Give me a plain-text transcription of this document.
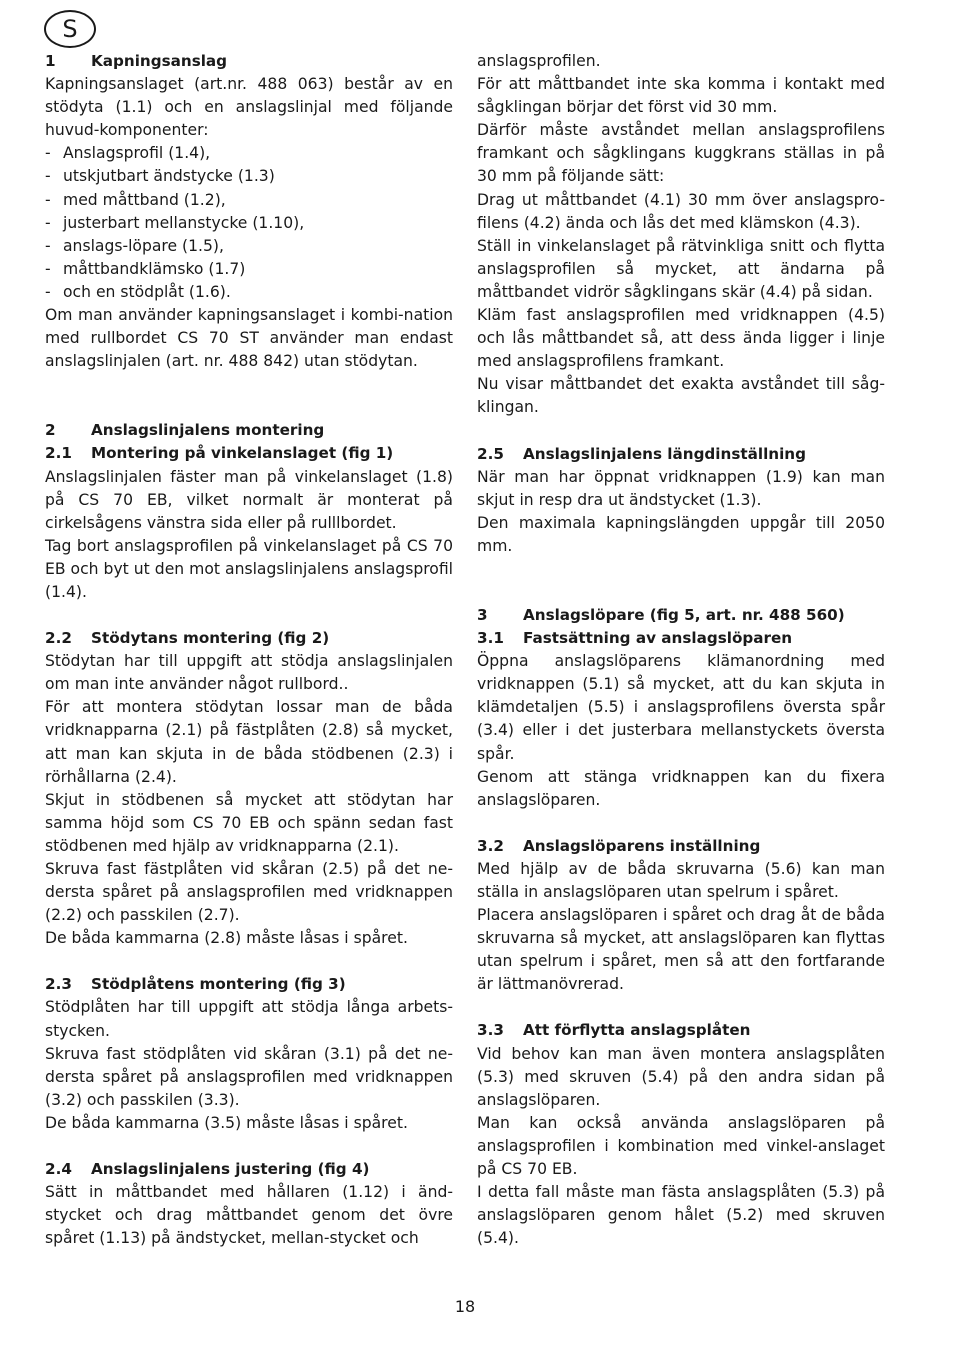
S
1	Kapningsanslag

Kapningsanslaget (art.nr. 488 063) består av en stödyta (1.1) och en anslagslinjal med följande huvud-komponenter:

- Anslagsprofil (1.4),
- utskjutbart ändstycke (1.3)
- med måttband (1.2),
- justerbart mellanstycke (1.10),
- anslags-löpare (1.5),
- måttbandklämsko (1.7)
- och en stödplåt (1.6).

Om man använder kapningsanslaget i kombi-nation med rullbordet CS 70 ST använder man endast anslagslinjalen (art. nr. 488 842) utan stödytan.

2	Anslagslinjalens montering
2.1	Montering på vinkelanslaget (fig 1)

Anslagslinjalen fäster man på vinkelanslaget (1.8) på CS 70 EB, vilket normalt är monterat på cirkelsågens vänstra sida eller på rulllbordet.

Tag bort anslagsprofilen på vinkelanslaget på CS 70 EB och byt ut den mot anslagslinjalens anslagsprofil (1.4).

2.2	Stödytans montering (fig 2)

Stödytan har till uppgift att stödja anslagslinjalen om man inte använder något rullbord..

För att montera stödytan lossar man de båda vridknapparna (2.1) på fästplåten (2.8) så mycket, att man kan skjuta in de båda stödbenen (2.3) i rörhållarna (2.4).

Skjut in stödbenen så mycket att stödytan har samma höjd som CS 70 EB och spänn sedan fast stödbenen med hjälp av vridknapparna (2.1).

Skruva fast fästplåten vid skåran (2.5) på det ne-dersta spåret på anslagsprofilen med vridknappen (2.2) och passkilen (2.7).

De båda kammarna (2.8) måste låsas i spåret.

2.3	Stödplåtens montering (fig 3)

Stödplåten har till uppgift att stödja långa arbets-stycken.

Skruva fast stödplåten vid skåran (3.1) på det ne-dersta spåret på anslagsprofilen med vridknappen (3.2) och passkilen (3.3).

De båda kammarna (3.5) måste låsas i spåret.

2.4	Anslagslinjalens justering (fig 4)

Sätt in måttbandet med hållaren (1.12) i änd-stycket och drag måttbandet genom det övre spåret (1.13) på ändstycket, mellan-stycket och

anslagsprofilen.

För att måttbandet inte ska komma i kontakt med sågklingan börjar det först vid 30 mm.

Därför måste avståndet mellan anslagsprofilens framkant och sågklingans kuggkrans ställas in på 30 mm på följande sätt:

Drag ut måttbandet (4.1) 30 mm över anslagspro-filens (4.2) ända och lås det med klämskon (4.3).

Ställ in vinkelanslaget på rätvinkliga snitt och flytta anslagsprofilen så mycket, att ändarna på måttbandet vidrör sågklingans skär (4.4) på sidan.

Kläm fast anslagsprofilen med vridknappen (4.5) och lås måttbandet så, att dess ända ligger i linje med anslagsprofilens framkant.

Nu visar måttbandet det exakta avståndet till såg-klingan.

2.5	Anslagslinjalens längdinställning

När man har öppnat vridknappen (1.9) kan man skjut in resp dra ut ändstycket (1.3).

Den maximala kapningslängden uppgår till 2050 mm.

3	Anslagslöpare (fig 5, art. nr. 488 560)
3.1	Fastsättning av anslagslöparen

Öppna anslagslöparens klämanordning med vridknappen (5.1) så mycket, att du kan skjuta in klämdetaljen (5.5) i anslagsprofilens översta spår (3.4) eller i det justerbara mellanstyckets översta spår.

Genom att stänga vridknappen kan du fixera anslagslöparen.

3.2	Anslagslöparens inställning

Med hjälp av de båda skruvarna (5.6) kan man ställa in anslagslöparen utan spelrum i spåret.

Placera anslagslöparen i spåret och drag åt de båda skruvarna så mycket, att anslagslöparen kan flyttas utan spelrum i spåret, men så att den fortfarande är lättmanövrerad.

3.3	Att förflytta anslagsplåten

Vid behov kan man även montera anslagsplåten (5.3) med skruven (5.4) på den andra sidan på anslagslöparen.

Man kan också använda anslagslöparen på anslagsprofilen i kombination med vinkel-anslaget på CS 70 EB.

I detta fall måste man fästa anslagsplåten (5.3) på anslagslöparen genom hålet (5.2) med skruven (5.4).

18
